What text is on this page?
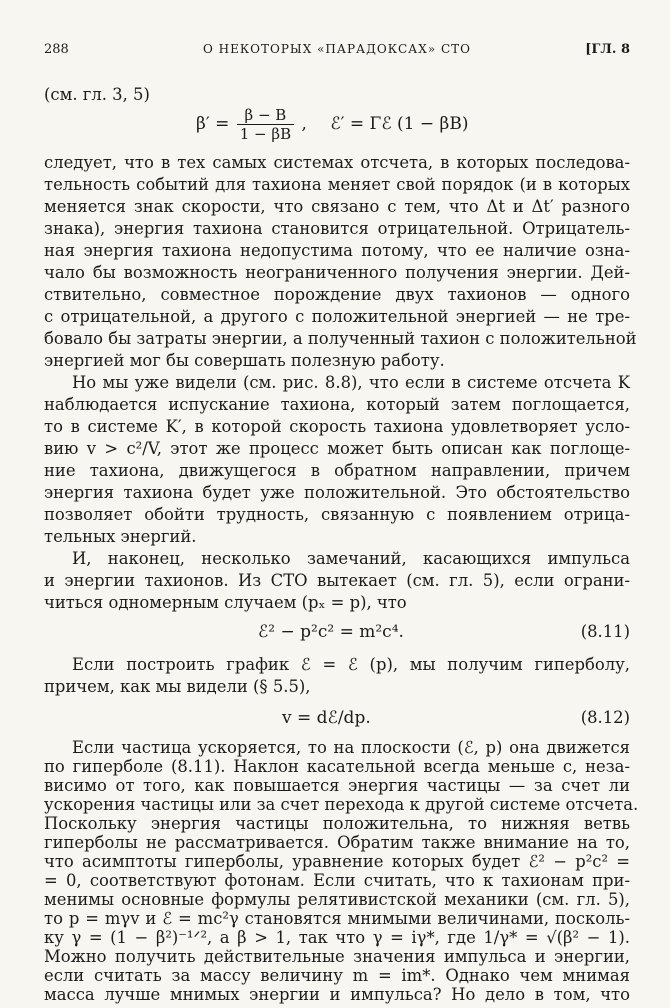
288	О НЕКОТОРЫХ «ПАРАДОКСАХ» СТО	[ГЛ. 8
(см. гл. 3, 5)
$\beta' = \frac{\beta - B}{1 - \beta B}$ , ℰ′ = Γℰ (1 − βB)
следует, что в тех самых системах отсчета, в которых последова-
тельность событий для тахиона меняет свой порядок (и в которых
меняется знак скорости, что связано с тем, что Δt и Δt′ разного
знака), энергия тахиона становится отрицательной. Отрицатель-
ная энергия тахиона недопустима потому, что ее наличие озна-
чало бы возможность неограниченного получения энергии. Дей-
ствительно, совместное порождение двух тахионов — одного
с отрицательной, а другого с положительной энергией — не тре-
бовало бы затраты энергии, а полученный тахион с положительной
энергией мог бы совершать полезную работу.
Но мы уже видели (см. рис. 8.8), что если в системе отсчета K
наблюдается испускание тахиона, который затем поглощается,
то в системе K′, в которой скорость тахиона удовлетворяет усло-
вию v > c²/V, этот же процесс может быть описан как поглоще-
ние тахиона, движущегося в обратном направлении, причем
энергия тахиона будет уже положительной. Это обстоятельство
позволяет обойти трудность, связанную с появлением отрица-
тельных энергий.
И, наконец, несколько замечаний, касающихся импульса
и энергии тахионов. Из СТО вытекает (см. гл. 5), если ограни-
читься одномерным случаем (pₓ = p), что
ℰ² − p²c² = m²c⁴.	(8.11)
Если построить график ℰ = ℰ (p), мы получим гиперболу,
причем, как мы видели (§ 5.5),
v = dℰ/dp.	(8.12)
Если частица ускоряется, то на плоскости (ℰ, p) она движется
по гиперболе (8.11). Наклон касательной всегда меньше c, неза-
висимо от того, как повышается энергия частицы — за счет ли
ускорения частицы или за счет перехода к другой системе отсчета.
Поскольку энергия частицы положительна, то нижняя ветвь
гиперболы не рассматривается. Обратим также внимание на то,
что асимптоты гиперболы, уравнение которых будет ℰ² − p²c² =
= 0, соответствуют фотонам. Если считать, что к тахионам при-
менимы основные формулы релятивистской механики (см. гл. 5),
то p = mγv и ℰ = mc²γ становятся мнимыми величинами, посколь-
ку γ = (1 − β²)⁻¹ᐟ², а β > 1, так что γ = iγ*, где 1/γ* = √(β² − 1).
Можно получить действительные значения импульса и энергии,
если считать за массу величину m = im*. Однако чем мнимая
масса лучше мнимых энергии и импульса? Но дело в том, что
